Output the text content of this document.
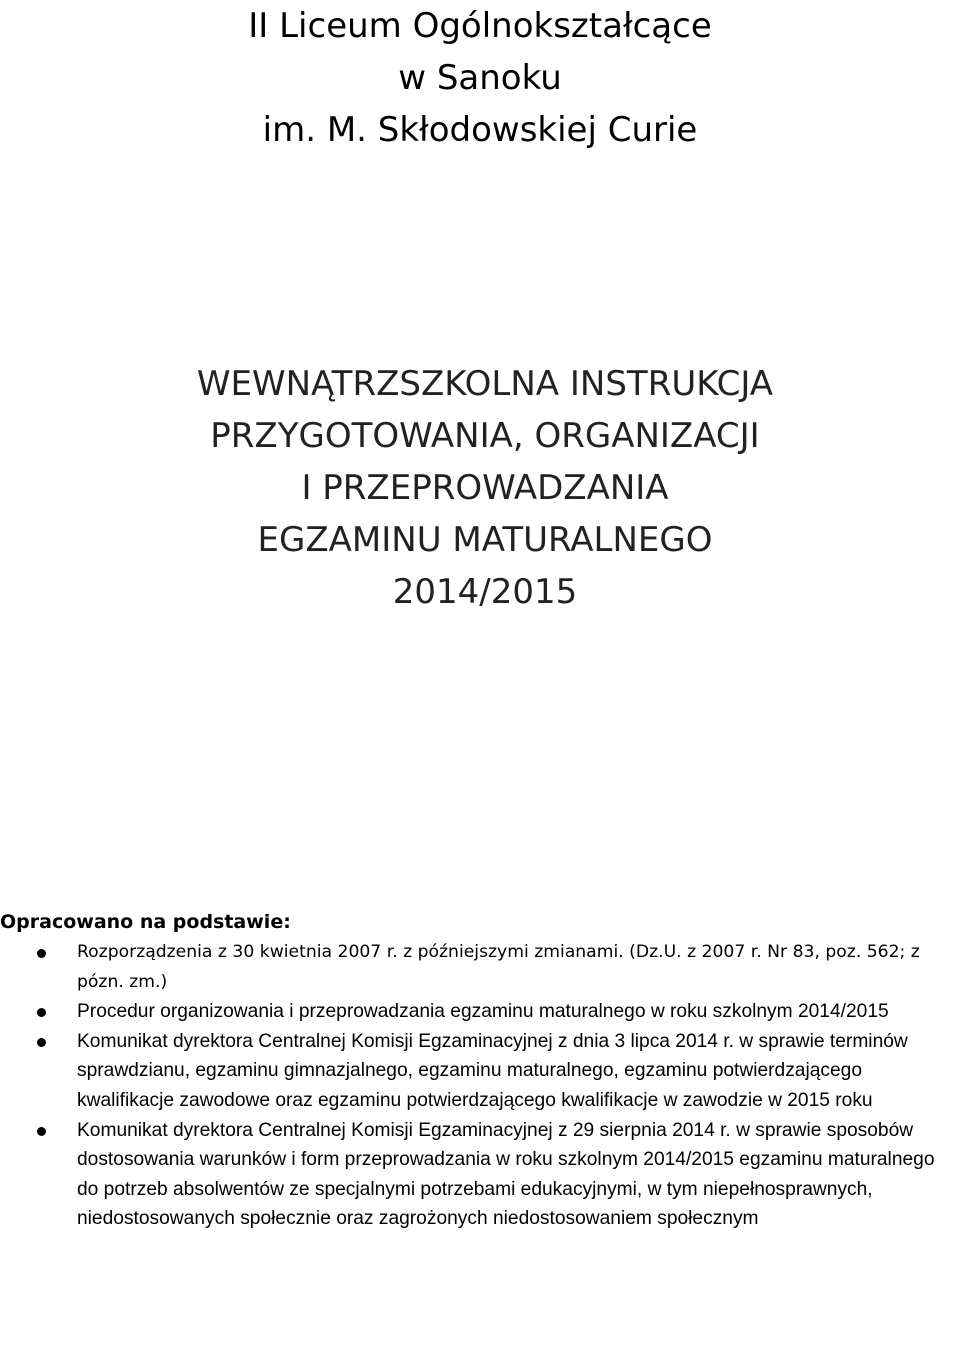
II Liceum Ogólnokształcące
w Sanoku
im. M. Skłodowskiej Curie
WEWNĄTRZSZKOLNA INSTRUKCJA
PRZYGOTOWANIA, ORGANIZACJI
I PRZEPROWADZANIA
EGZAMINU MATURALNEGO
2014/2015

Opracowano na podstawie:

Rozporządzenia z 30 kwietnia 2007 r. z późniejszymi zmianami. (Dz.U. z 2007 r. Nr 83, poz. 562; z pózn. zm.)
Procedur organizowania i przeprowadzania egzaminu maturalnego w roku szkolnym 2014/2015
Komunikat dyrektora Centralnej Komisji Egzaminacyjnej z dnia 3 lipca 2014 r. w sprawie terminów sprawdzianu, egzaminu gimnazjalnego, egzaminu maturalnego, egzaminu potwierdzającego kwalifikacje zawodowe oraz egzaminu potwierdzającego kwalifikacje w zawodzie w 2015 roku
Komunikat dyrektora Centralnej Komisji Egzaminacyjnej z 29 sierpnia 2014 r. w sprawie sposobów dostosowania warunków i form przeprowadzania w roku szkolnym 2014/2015 egzaminu maturalnego do potrzeb absolwentów ze specjalnymi potrzebami edukacyjnymi, w tym niepełnosprawnych, niedostosowanych społecznie oraz zagrożonych niedostosowaniem społecznym
